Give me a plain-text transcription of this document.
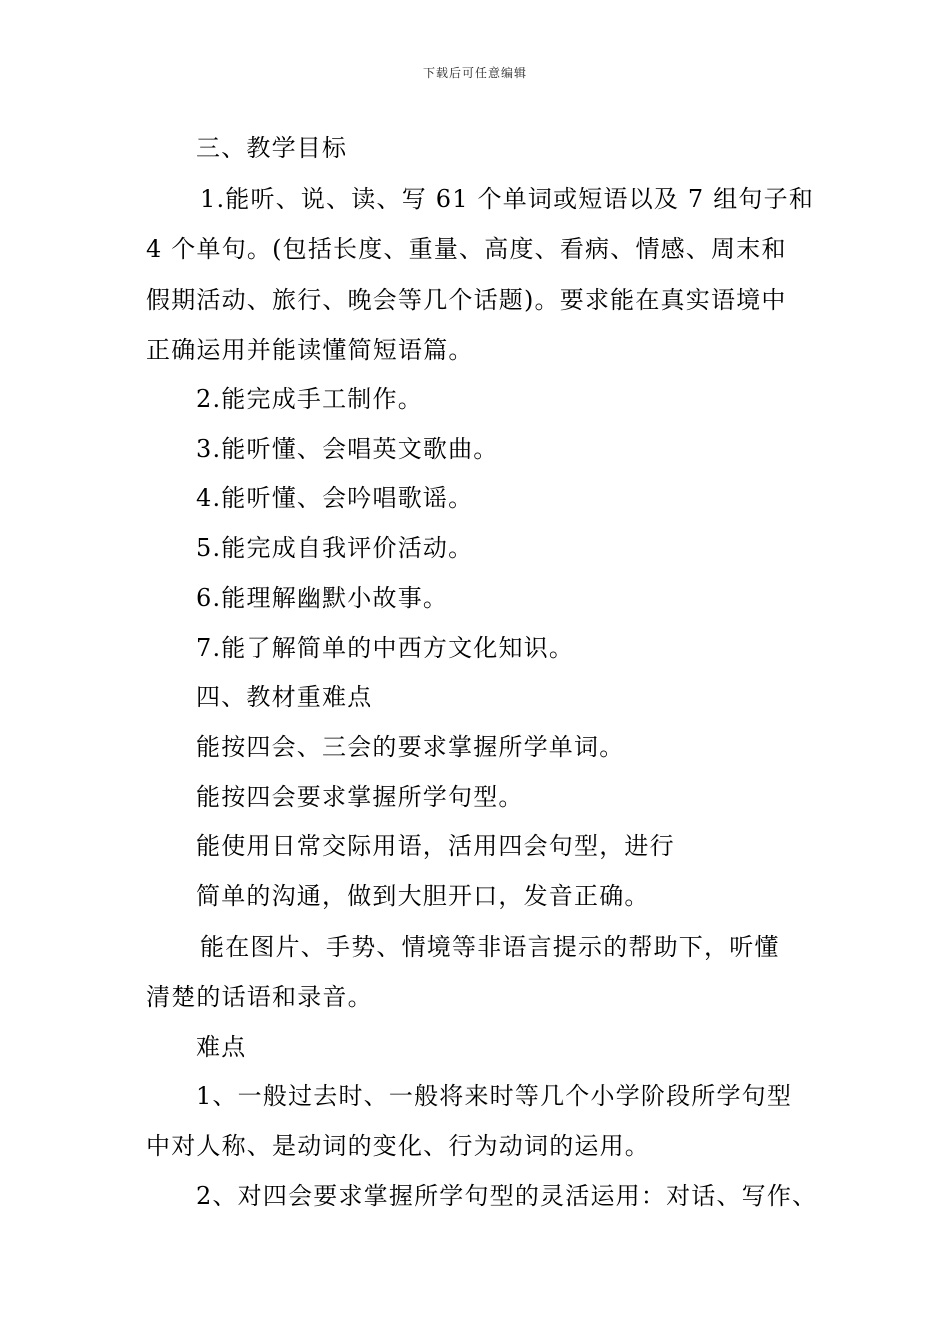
下载后可任意编辑
三、教学目标
1.能听、说、读、写 61 个单词或短语以及 7 组句子和
4 个单句。(包括长度、重量、高度、看病、情感、周末和
假期活动、旅行、晚会等几个话题)。要求能在真实语境中
正确运用并能读懂简短语篇。
2.能完成手工制作。
3.能听懂、会唱英文歌曲。
4.能听懂、会吟唱歌谣。
5.能完成自我评价活动。
6.能理解幽默小故事。
7.能了解简单的中西方文化知识。
四、教材重难点
能按四会、三会的要求掌握所学单词。
能按四会要求掌握所学句型。
能使用日常交际用语，活用四会句型，进行
简单的沟通，做到大胆开口，发音正确。
能在图片、手势、情境等非语言提示的帮助下，听懂
清楚的话语和录音。
难点
1、一般过去时、一般将来时等几个小学阶段所学句型
中对人称、是动词的变化、行为动词的运用。
2、对四会要求掌握所学句型的灵活运用：对话、写作、
